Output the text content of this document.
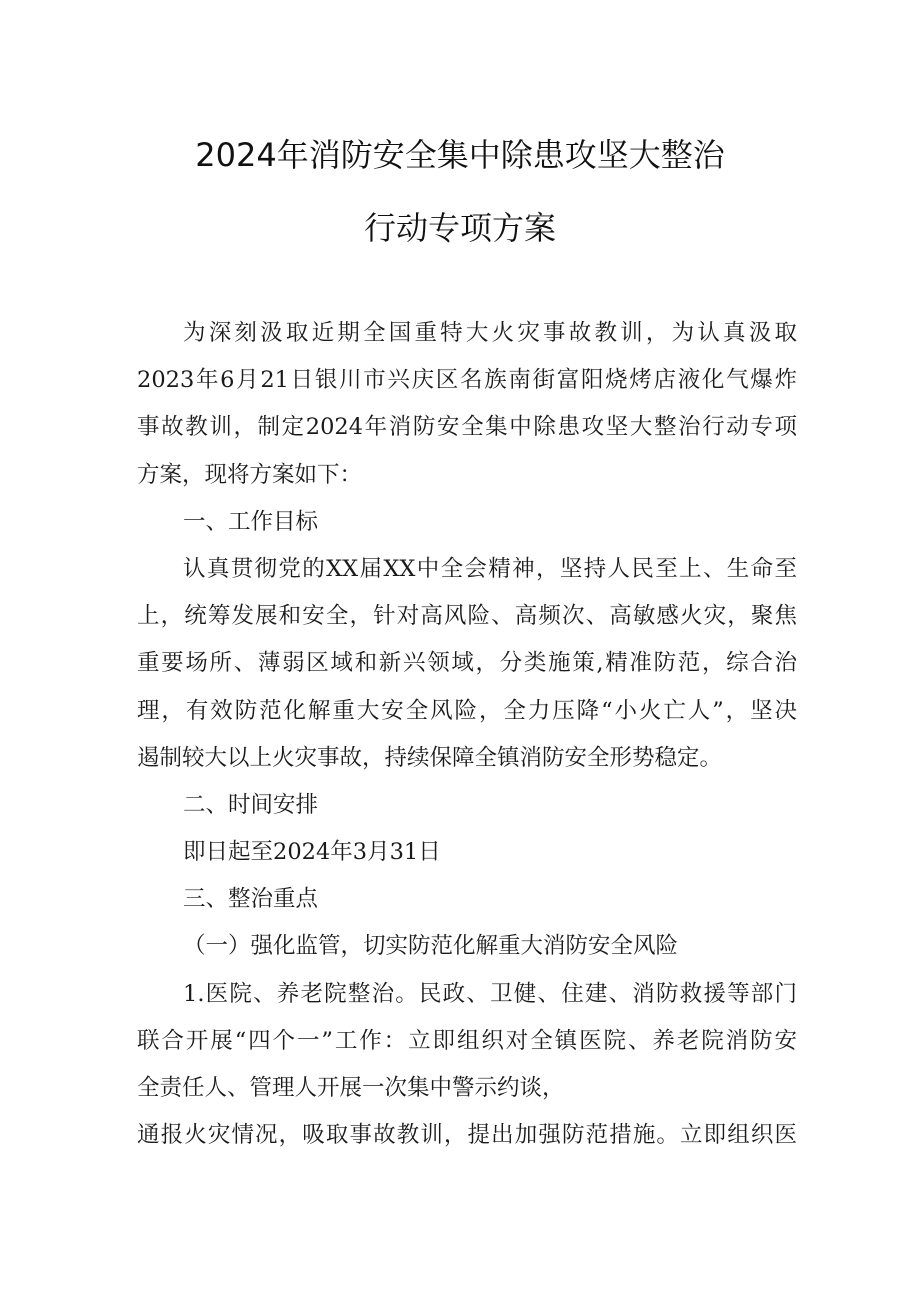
2024年消防安全集中除患攻坚大整治
行动专项方案
为深刻汲取近期全国重特大火灾事故教训，为认真汲取
2023年6月21日银川市兴庆区名族南街富阳烧烤店液化气爆炸
事故教训，制定2024年消防安全集中除患攻坚大整治行动专项
方案，现将方案如下：
一、工作目标
认真贯彻党的XX届XX中全会精神，坚持人民至上、生命至
上，统筹发展和安全，针对高风险、高频次、高敏感火灾，聚焦
重要场所、薄弱区域和新兴领域，分类施策,精准防范，综合治
理，有效防范化解重大安全风险，全力压降“小火亡人”，坚决
遏制较大以上火灾事故，持续保障全镇消防安全形势稳定。
二、时间安排
即日起至2024年3月31日
三、整治重点
（一）强化监管，切实防范化解重大消防安全风险
1.医院、养老院整治。民政、卫健、住建、消防救援等部门
联合开展“四个一”工作：立即组织对全镇医院、养老院消防安
全责任人、管理人开展一次集中警示约谈，
通报火灾情况，吸取事故教训，提出加强防范措施。立即组织医
